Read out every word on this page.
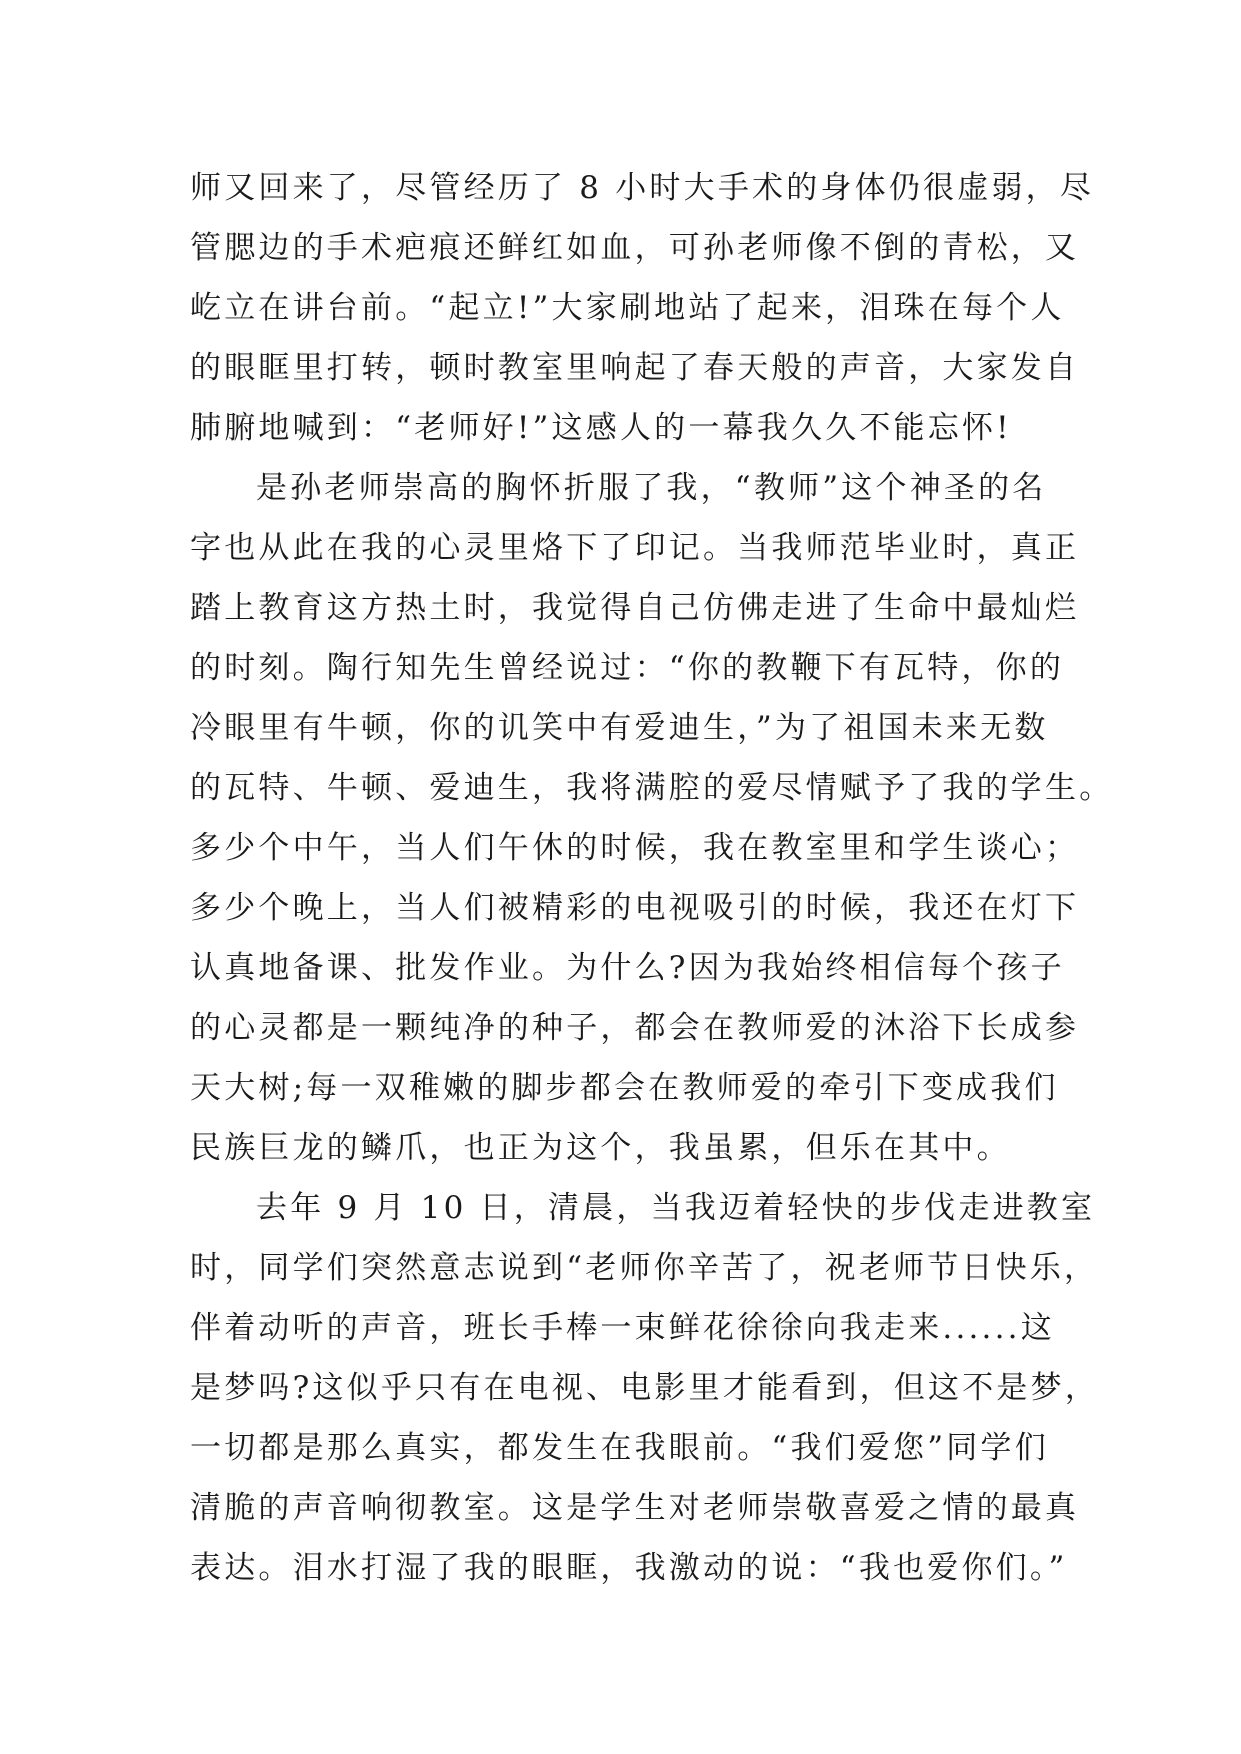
师又回来了，尽管经历了 8 小时大手术的身体仍很虚弱，尽
管腮边的手术疤痕还鲜红如血，可孙老师像不倒的青松，又
屹立在讲台前。“起立!”大家刷地站了起来，泪珠在每个人
的眼眶里打转，顿时教室里响起了春天般的声音，大家发自
肺腑地喊到：“老师好!”这感人的一幕我久久不能忘怀!
是孙老师崇高的胸怀折服了我，“教师”这个神圣的名
字也从此在我的心灵里烙下了印记。当我师范毕业时，真正
踏上教育这方热土时，我觉得自己仿佛走进了生命中最灿烂
的时刻。陶行知先生曾经说过：“你的教鞭下有瓦特，你的
冷眼里有牛顿，你的讥笑中有爱迪生，”为了祖国未来无数
的瓦特、牛顿、爱迪生，我将满腔的爱尽情赋予了我的学生。
多少个中午，当人们午休的时候，我在教室里和学生谈心；
多少个晚上，当人们被精彩的电视吸引的时候，我还在灯下
认真地备课、批发作业。为什么?因为我始终相信每个孩子
的心灵都是一颗纯净的种子，都会在教师爱的沐浴下长成参
天大树;每一双稚嫩的脚步都会在教师爱的牵引下变成我们
民族巨龙的鳞爪，也正为这个，我虽累，但乐在其中。
去年 9 月 10 日，清晨，当我迈着轻快的步伐走进教室
时，同学们突然意志说到“老师你辛苦了，祝老师节日快乐，
伴着动听的声音，班长手棒一束鲜花徐徐向我走来......这
是梦吗?这似乎只有在电视、电影里才能看到，但这不是梦，
一切都是那么真实，都发生在我眼前。“我们爱您”同学们
清脆的声音响彻教室。这是学生对老师崇敬喜爱之情的最真
表达。泪水打湿了我的眼眶，我激动的说：“我也爱你们。”
